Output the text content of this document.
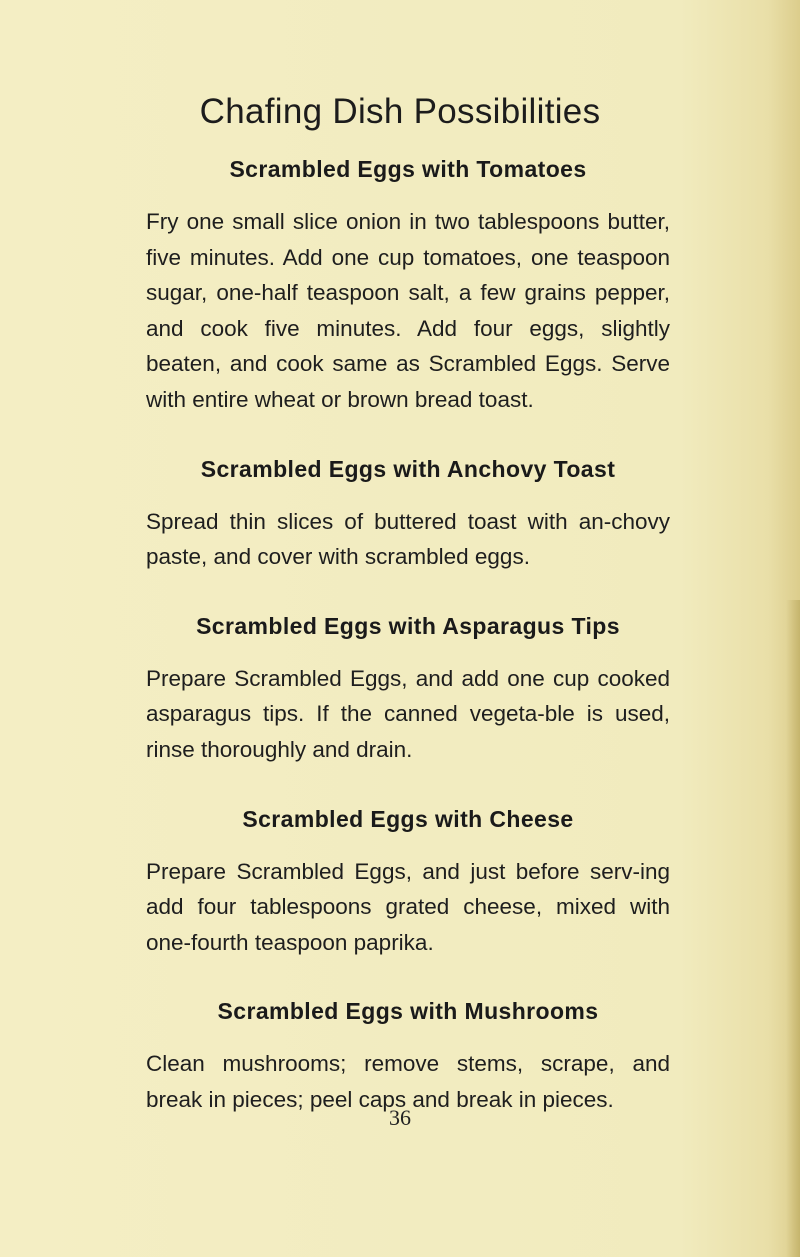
Chafing Dish Possibilities
Scrambled Eggs with Tomatoes

Fry one small slice onion in two tablespoons butter, five minutes. Add one cup tomatoes, one teaspoon sugar, one-half teaspoon salt, a few grains pepper, and cook five minutes. Add four eggs, slightly beaten, and cook same as Scrambled Eggs. Serve with entire wheat or brown bread toast.

Scrambled Eggs with Anchovy Toast

Spread thin slices of buttered toast with an-chovy paste, and cover with scrambled eggs.

Scrambled Eggs with Asparagus Tips

Prepare Scrambled Eggs, and add one cup cooked asparagus tips. If the canned vegeta-ble is used, rinse thoroughly and drain.

Scrambled Eggs with Cheese

Prepare Scrambled Eggs, and just before serv-ing add four tablespoons grated cheese, mixed with one-fourth teaspoon paprika.

Scrambled Eggs with Mushrooms

Clean mushrooms; remove stems, scrape, and break in pieces; peel caps and break in pieces.

36
